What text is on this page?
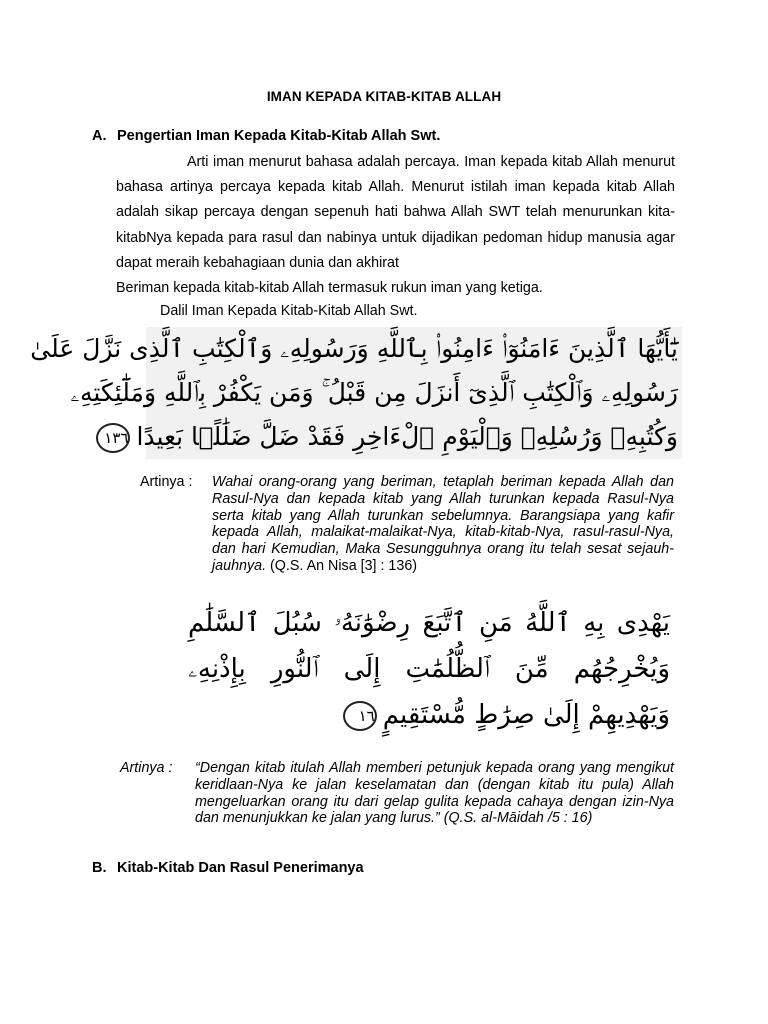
IMAN KEPADA KITAB-KITAB ALLAH
A. Pengertian Iman Kepada Kitab-Kitab Allah Swt.
Arti iman menurut bahasa adalah percaya. Iman kepada kitab Allah menurut bahasa artinya percaya kepada kitab Allah. Menurut istilah iman kepada kitab Allah adalah sikap percaya dengan sepenuh hati bahwa Allah SWT telah menurunkan kita-kitabNya kepada para rasul dan nabinya untuk dijadikan pedoman hidup manusia agar dapat meraih kebahagiaan dunia dan akhirat
Beriman kepada kitab-kitab Allah termasuk rukun iman yang ketiga.
Dalil Iman Kepada Kitab-Kitab Allah Swt.
يَٰٓأَيُّهَا ٱلَّذِينَ ءَامَنُوٓا۟ ءَامِنُوا۟ بِٱللَّهِ وَرَسُولِهِۦ وَٱلْكِتَٰبِ ٱلَّذِى نَزَّلَ عَلَىٰ
رَسُولِهِۦ وَٱلْكِتَٰبِ ٱلَّذِىٓ أَنزَلَ مِن قَبْلُ ۚ وَمَن يَكْفُرْ بِٱللَّهِ وَمَلَٰٓئِكَتِهِۦ
وَكُتُبِهِۦ وَرُسُلِهِۦ وَٱلْيَوْمِ ٱلْءَاخِرِ فَقَدْ ضَلَّ ضَلَٰلًۢا بَعِيدًا١٣٦
Artinya : Wahai orang-orang yang beriman, tetaplah beriman kepada Allah dan Rasul-Nya dan kepada kitab yang Allah turunkan kepada Rasul-Nya serta kitab yang Allah turunkan sebelumnya. Barangsiapa yang kafir kepada Allah, malaikat-malaikat-Nya, kitab-kitab-Nya, rasul-rasul-Nya, dan hari Kemudian, Maka Sesungguhnya orang itu telah sesat sejauh-jauhnya. (Q.S. An Nisa [3] : 136)
يَهْدِى بِهِ ٱللَّهُ مَنِ ٱتَّبَعَ رِضْوَٰنَهُۥ سُبُلَ ٱلسَّلَٰمِ
وَيُخْرِجُهُم مِّنَ ٱلظُّلُمَٰتِ إِلَى ٱلنُّورِ بِإِذْنِهِۦ
وَيَهْدِيهِمْ إِلَىٰ صِرَٰطٍ مُّسْتَقِيمٍ١٦
Artinya : “Dengan kitab itulah Allah memberi petunjuk kepada orang yang mengikut keridlaan-Nya ke jalan keselamatan dan (dengan kitab itu pula) Allah mengeluarkan orang itu dari gelap gulita kepada cahaya dengan izin-Nya dan menunjukkan ke jalan yang lurus.” (Q.S. al-Māidah /5 : 16)
B. Kitab-Kitab Dan Rasul Penerimanya
